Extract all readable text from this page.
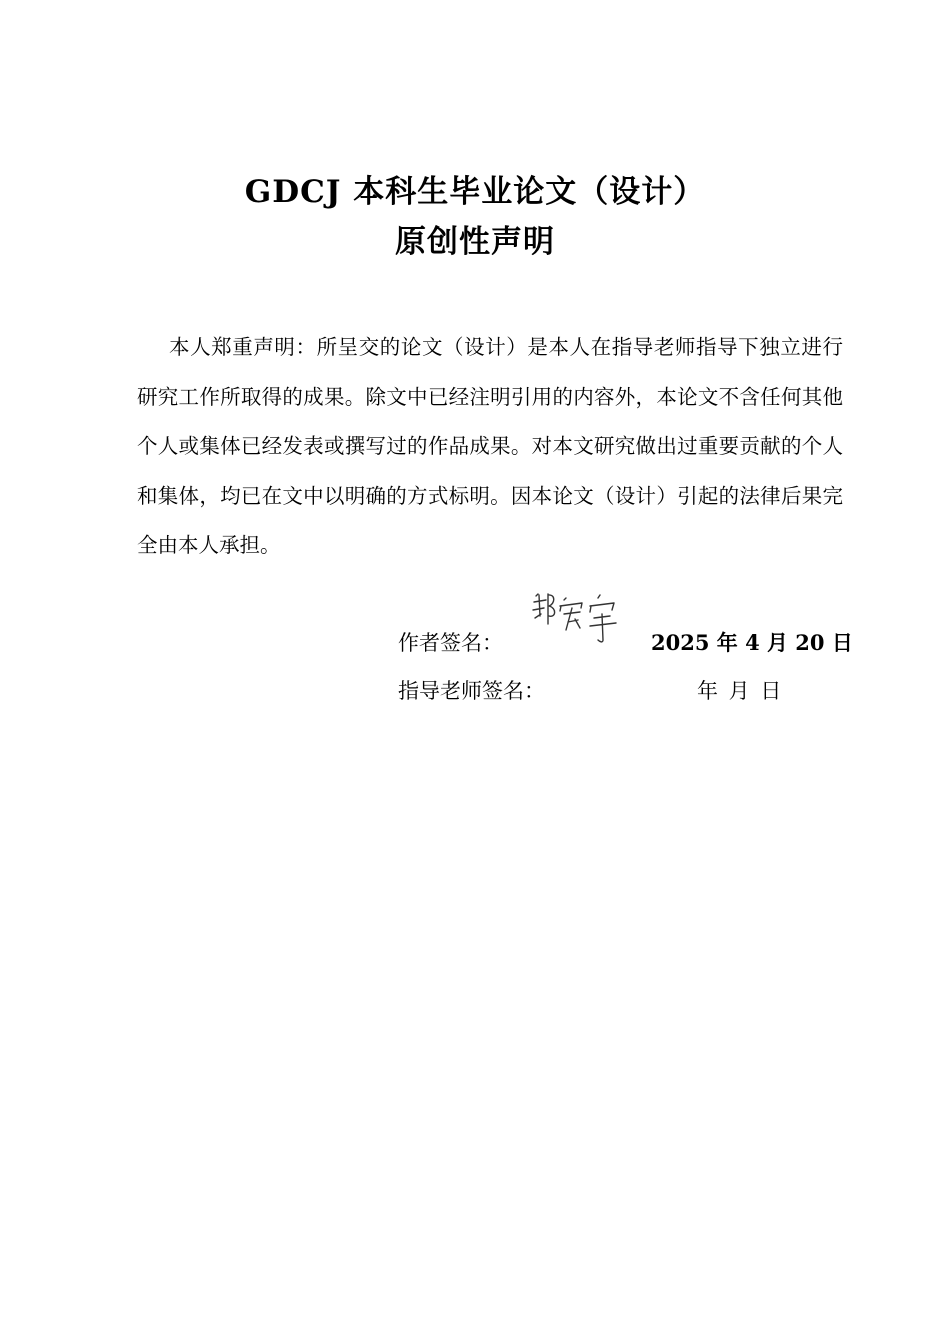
GDCJ 本科生毕业论文（设计）
原创性声明

本人郑重声明：所呈交的论文（设计）是本人在指导老师指导下独立进行研究工作所取得的成果。除文中已经注明引用的内容外，本论文不含任何其他个人或集体已经发表或撰写过的作品成果。对本文研究做出过重要贡献的个人和集体，均已在文中以明确的方式标明。因本论文（设计）引起的法律后果完全由本人承担。

作者签名：	2025 年 4 月 20 日
指导老师签名：	年 月 日
